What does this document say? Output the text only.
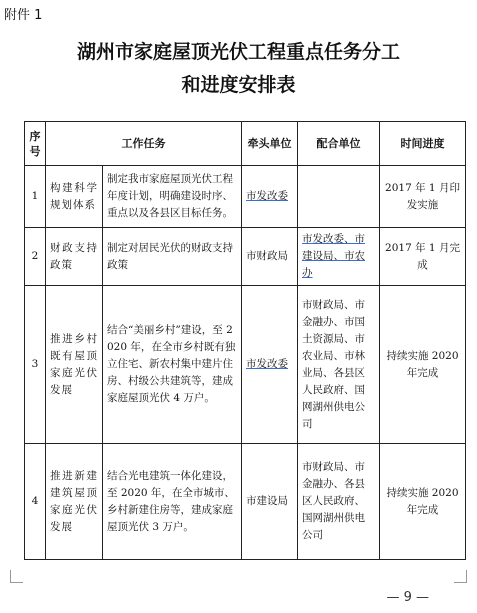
附件 1
湖州市家庭屋顶光伏工程重点任务分工
和进度安排表
序号	工作任务		牵头单位	配合单位	时间进度
1	构建科学规划体系	制定我市家庭屋顶光伏工程年度计划，明确建设时序、重点以及各县区目标任务。	市发改委		2017 年 1 月印发实施
2	财政支持政策	制定对居民光伏的财政支持政策	市财政局	市发改委、市建设局、市农办	2017 年 1 月完成
3	推进乡村既有屋顶家庭光伏发展	结合“美丽乡村”建设，至 2020 年，在全市乡村既有独立住宅、新农村集中建片住房、村级公共建筑等，建成家庭屋顶光伏 4 万户。	市发改委	市财政局、市金融办、市国土资源局、市农业局、市林业局、各县区人民政府、国网湖州供电公司	持续实施 2020 年完成
4	推进新建建筑屋顶家庭光伏发展	结合光电建筑一体化建设，至 2020 年，在全市城市、乡村新建住房等，建成家庭屋顶光伏 3 万户。	市建设局	市财政局、市金融办、各县区人民政府、国网湖州供电公司	持续实施 2020 年完成
— 9 —
